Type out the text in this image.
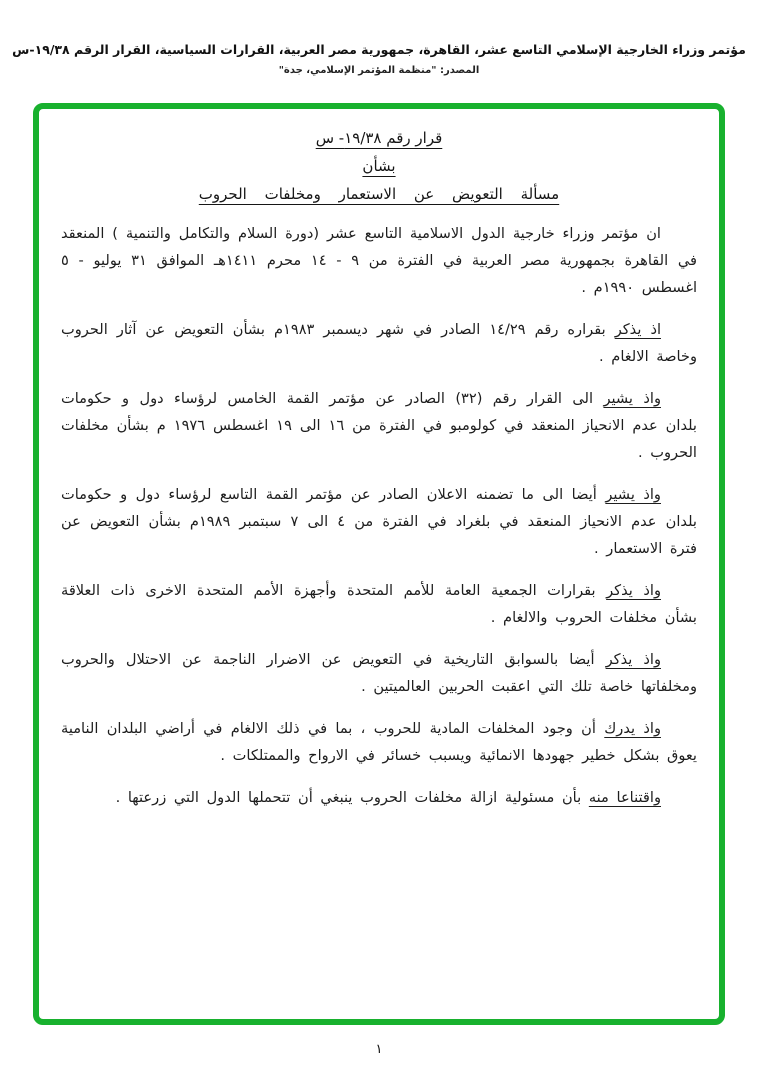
مؤتمر وزراء الخارجية الإسلامي التاسع عشر، القاهرة، جمهورية مصر العربية، القرارات السياسية، القرار الرقم ١٩/٣٨-س
المصدر: "منظمة المؤتمر الإسلامي، جدة"
قرار رقم ١٩/٣٨- س
بشأن
مسألة التعويض عن الاستعمار ومخلفات الحروب

ان مؤتمر وزراء خارجية الدول الاسلامية التاسع عشر (دورة السلام والتكامل والتنمية ) المنعقد في القاهرة بجمهورية مصر العربية في الفترة من ٩ - ١٤ محرم ١٤١١هـ الموافق ٣١ يوليو - ٥ اغسطس ١٩٩٠م .

اذ يذكر بقراره رقم ١٤/٢٩ الصادر في شهر ديسمبر ١٩٨٣م بشأن التعويض عن آثار الحروب وخاصة الالغام .

واذ يشير الى القرار رقم (٣٢) الصادر عن مؤتمر القمة الخامس لرؤساء دول و حكومات بلدان عدم الانحياز المنعقد في كولومبو في الفترة من ١٦ الى ١٩ اغسطس ١٩٧٦ م بشأن مخلفات الحروب .

واذ يشير أيضا الى ما تضمنه الاعلان الصادر عن مؤتمر القمة التاسع لرؤساء دول و حكومات بلدان عدم الانحياز المنعقد في بلغراد في الفترة من ٤ الى ٧ سبتمبر ١٩٨٩م بشأن التعويض عن فترة الاستعمار .

واذ يذكر بقرارات الجمعية العامة للأمم المتحدة وأجهزة الأمم المتحدة الاخرى ذات العلاقة بشأن مخلفات الحروب والالغام .

واذ يذكر أيضا بالسوابق التاريخية في التعويض عن الاضرار الناجمة عن الاحتلال والحروب ومخلفاتها خاصة تلك التي اعقبت الحربين العالميتين .

واذ يدرك أن وجود المخلفات المادية للحروب ، بما في ذلك الالغام في أراضي البلدان النامية يعوق بشكل خطير جهودها الانمائية ويسبب خسائر في الارواح والممتلكات .

واقتناعا منه بأن مسئولية ازالة مخلفات الحروب ينبغي أن تتحملها الدول التي زرعتها .

١
